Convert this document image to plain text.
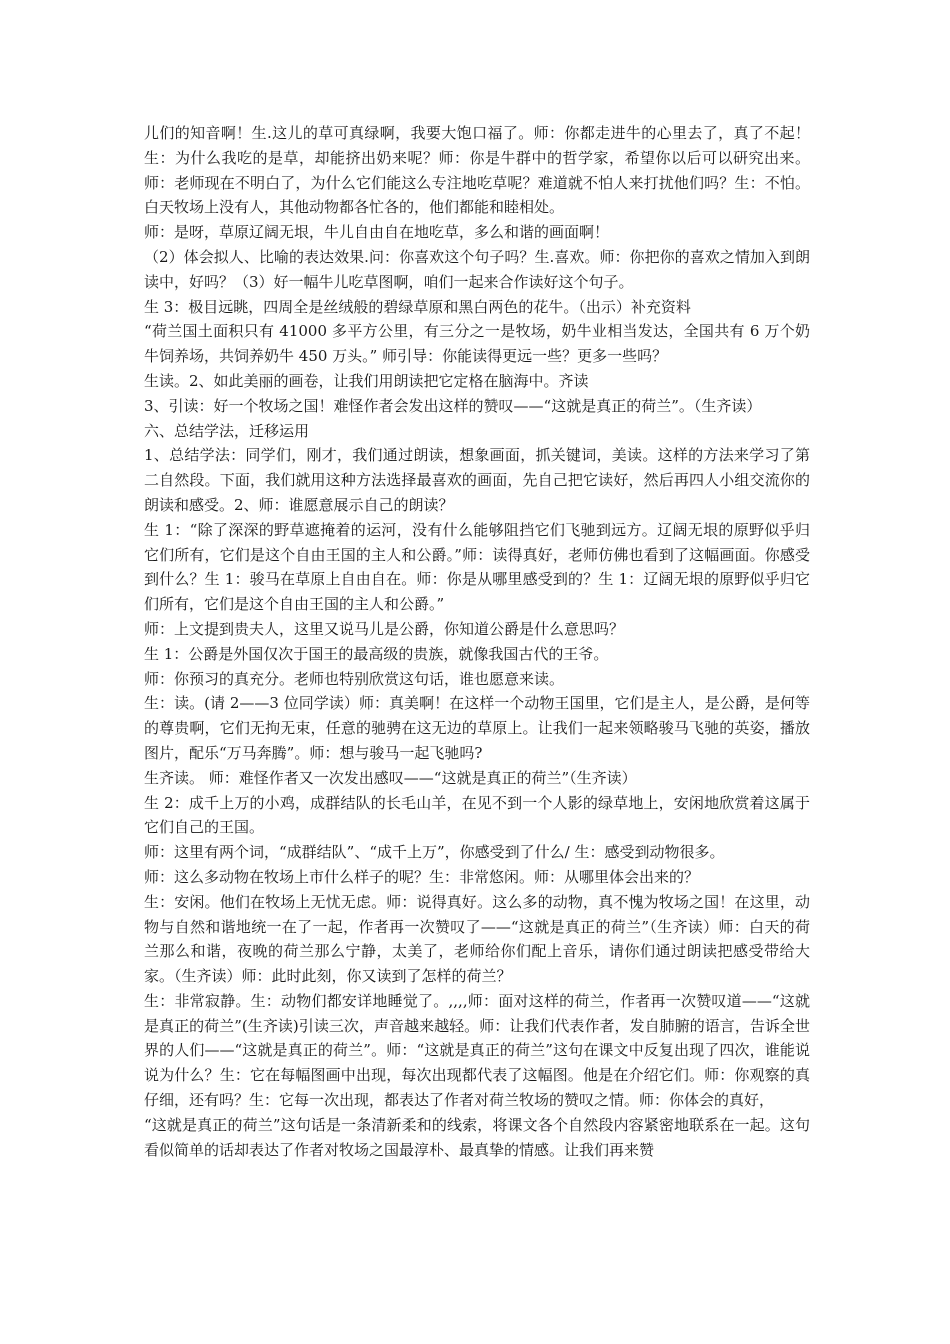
儿们的知音啊！生.这儿的草可真绿啊，我要大饱口福了。师：你都走进牛的心里去了，真了不起！生：为什么我吃的是草，却能挤出奶来呢？师：你是牛群中的哲学家，希望你以后可以研究出来。师：老师现在不明白了，为什么它们能这么专注地吃草呢？难道就不怕人来打扰他们吗？生：不怕。白天牧场上没有人，其他动物都各忙各的，他们都能和睦相处。

师：是呀，草原辽阔无垠，牛儿自由自在地吃草，多么和谐的画面啊！

（2）体会拟人、比喻的表达效果.问：你喜欢这个句子吗？生.喜欢。师：你把你的喜欢之情加入到朗读中，好吗？（3）好一幅牛儿吃草图啊，咱们一起来合作读好这个句子。

生 3：极目远眺，四周全是丝绒般的碧绿草原和黑白两色的花牛。（出示）补充资料

“荷兰国土面积只有 41000 多平方公里，有三分之一是牧场，奶牛业相当发达，全国共有 6 万个奶牛饲养场，共饲养奶牛 450 万头。” 师引导：你能读得更远一些？更多一些吗？

生读。2、如此美丽的画卷，让我们用朗读把它定格在脑海中。齐读

3、引读：好一个牧场之国！难怪作者会发出这样的赞叹——“这就是真正的荷兰”。（生齐读）

六、总结学法，迁移运用

1、总结学法：同学们，刚才，我们通过朗读，想象画面，抓关键词，美读。这样的方法来学习了第二自然段。下面，我们就用这种方法选择最喜欢的画面，先自己把它读好，然后再四人小组交流你的朗读和感受。2、师：谁愿意展示自己的朗读？

生 1：“除了深深的野草遮掩着的运河，没有什么能够阻挡它们飞驰到远方。辽阔无垠的原野似乎归它们所有，它们是这个自由王国的主人和公爵。”师：读得真好，老师仿佛也看到了这幅画面。你感受到什么？生 1：骏马在草原上自由自在。师：你是从哪里感受到的？生 1：辽阔无垠的原野似乎归它们所有，它们是这个自由王国的主人和公爵。”

师：上文提到贵夫人，这里又说马儿是公爵，你知道公爵是什么意思吗？

生 1：公爵是外国仅次于国王的最高级的贵族，就像我国古代的王爷。

师：你预习的真充分。老师也特别欣赏这句话，谁也愿意来读。

生：读。(请 2——3 位同学读）师：真美啊！在这样一个动物王国里，它们是主人，是公爵，是何等的尊贵啊，它们无拘无束，任意的驰骋在这无边的草原上。让我们一起来领略骏马飞驰的英姿，播放图片，配乐“万马奔腾”。师：想与骏马一起飞驰吗?

生齐读。 师：难怪作者又一次发出感叹——“这就是真正的荷兰”（生齐读）

生 2：成千上万的小鸡，成群结队的长毛山羊，在见不到一个人影的绿草地上，安闲地欣赏着这属于它们自己的王国。

师：这里有两个词，“成群结队”、“成千上万”，你感受到了什么/ 生：感受到动物很多。

师：这么多动物在牧场上市什么样子的呢？生：非常悠闲。师：从哪里体会出来的？

生：安闲。他们在牧场上无忧无虑。师：说得真好。这么多的动物，真不愧为牧场之国！在这里，动物与自然和谐地统一在了一起，作者再一次赞叹了——“这就是真正的荷兰”（生齐读）师：白天的荷兰那么和谐，夜晚的荷兰那么宁静，太美了，老师给你们配上音乐，请你们通过朗读把感受带给大家。（生齐读）师：此时此刻，你又读到了怎样的荷兰？

生：非常寂静。生：动物们都安详地睡觉了。,,,,师：面对这样的荷兰，作者再一次赞叹道——“这就是真正的荷兰”(生齐读)引读三次，声音越来越轻。师：让我们代表作者，发自肺腑的语言，告诉全世界的人们——“这就是真正的荷兰”。师：“这就是真正的荷兰”这句在课文中反复出现了四次，谁能说说为什么？生：它在每幅图画中出现，每次出现都代表了这幅图。他是在介绍它们。师：你观察的真仔细，还有吗？生：它每一次出现，都表达了作者对荷兰牧场的赞叹之情。师：你体会的真好，

“这就是真正的荷兰”这句话是一条清新柔和的线索，将课文各个自然段内容紧密地联系在一起。这句看似简单的话却表达了作者对牧场之国最淳朴、最真挚的情感。让我们再来赞
